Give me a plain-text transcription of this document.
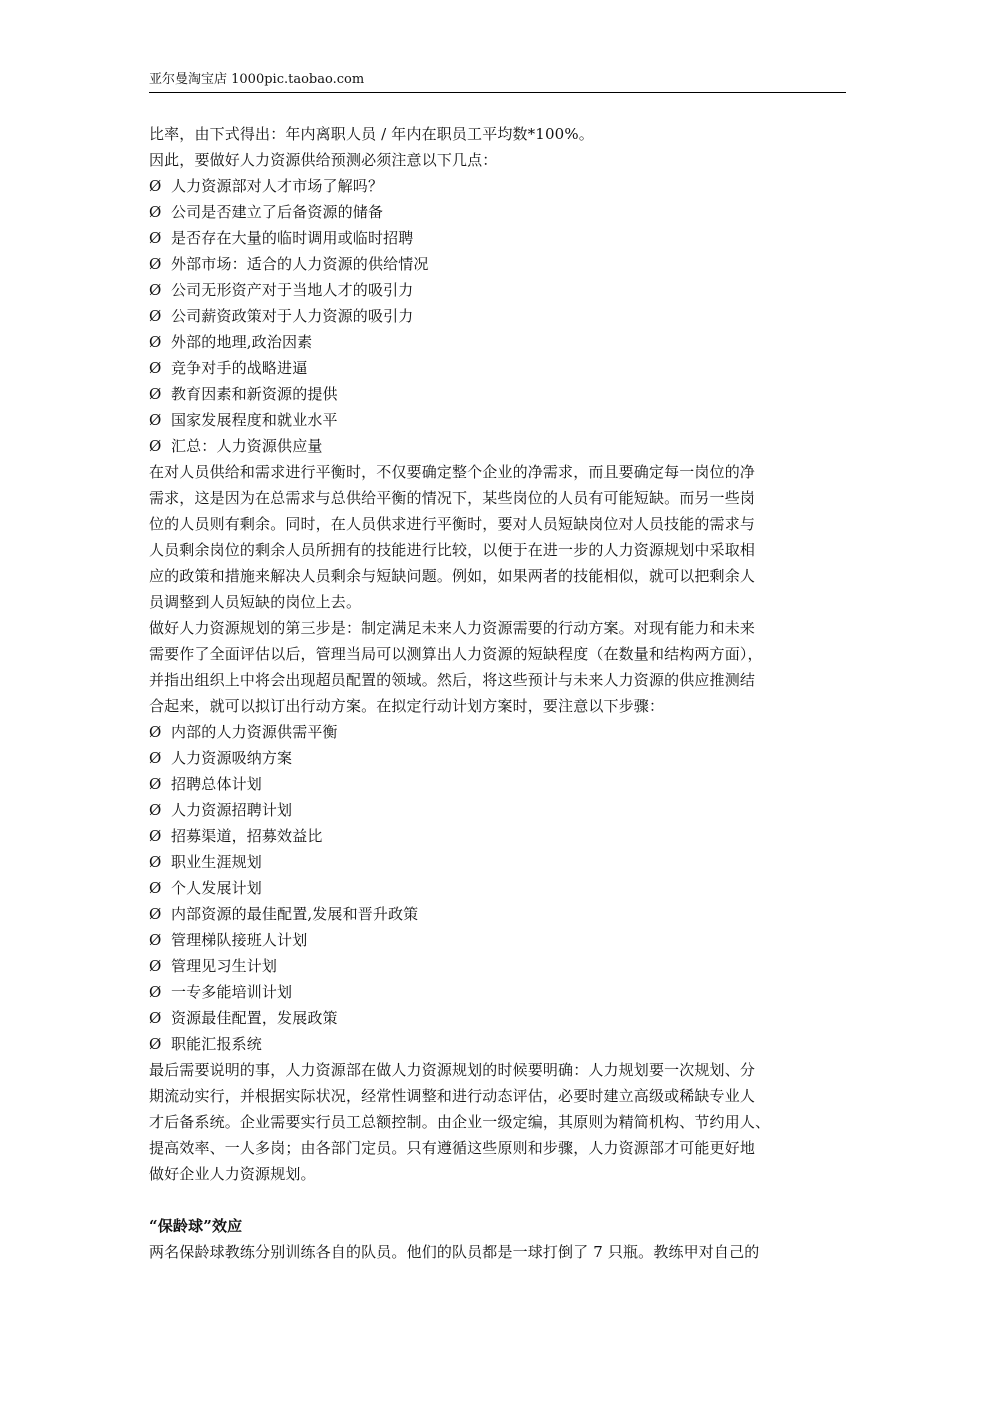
亚尔曼淘宝店 1000pic.taobao.com

比率，由下式得出：年内离职人员 / 年内在职员工平均数*100%。

因此，要做好人力资源供给预测必须注意以下几点：

Ø 人力资源部对人才市场了解吗？

Ø 公司是否建立了后备资源的储备

Ø 是否存在大量的临时调用或临时招聘

Ø 外部市场：适合的人力资源的供给情况

Ø 公司无形资产对于当地人才的吸引力

Ø 公司薪资政策对于人力资源的吸引力

Ø 外部的地理,政治因素

Ø 竞争对手的战略进逼

Ø 教育因素和新资源的提供

Ø 国家发展程度和就业水平

Ø 汇总：人力资源供应量

在对人员供给和需求进行平衡时，不仅要确定整个企业的净需求，而且要确定每一岗位的净

需求，这是因为在总需求与总供给平衡的情况下，某些岗位的人员有可能短缺。而另一些岗

位的人员则有剩余。同时，在人员供求进行平衡时，要对人员短缺岗位对人员技能的需求与

人员剩余岗位的剩余人员所拥有的技能进行比较，以便于在进一步的人力资源规划中采取相

应的政策和措施来解决人员剩余与短缺问题。例如，如果两者的技能相似，就可以把剩余人

员调整到人员短缺的岗位上去。

做好人力资源规划的第三步是：制定满足未来人力资源需要的行动方案。对现有能力和未来

需要作了全面评估以后，管理当局可以测算出人力资源的短缺程度（在数量和结构两方面），

并指出组织上中将会出现超员配置的领域。然后，将这些预计与未来人力资源的供应推测结

合起来，就可以拟订出行动方案。在拟定行动计划方案时，要注意以下步骤：

Ø 内部的人力资源供需平衡

Ø 人力资源吸纳方案

Ø 招聘总体计划

Ø 人力资源招聘计划

Ø 招募渠道，招募效益比

Ø 职业生涯规划

Ø 个人发展计划

Ø 内部资源的最佳配置,发展和晋升政策

Ø 管理梯队接班人计划

Ø 管理见习生计划

Ø 一专多能培训计划

Ø 资源最佳配置，发展政策

Ø 职能汇报系统

最后需要说明的事，人力资源部在做人力资源规划的时候要明确：人力规划要一次规划、分

期流动实行，并根据实际状况，经常性调整和进行动态评估，必要时建立高级或稀缺专业人

才后备系统。企业需要实行员工总额控制。由企业一级定编，其原则为精简机构、节约用人、

提高效率、一人多岗；由各部门定员。只有遵循这些原则和步骤，人力资源部才可能更好地

做好企业人力资源规划。

“保龄球”效应

两名保龄球教练分别训练各自的队员。他们的队员都是一球打倒了 7 只瓶。教练甲对自己的
